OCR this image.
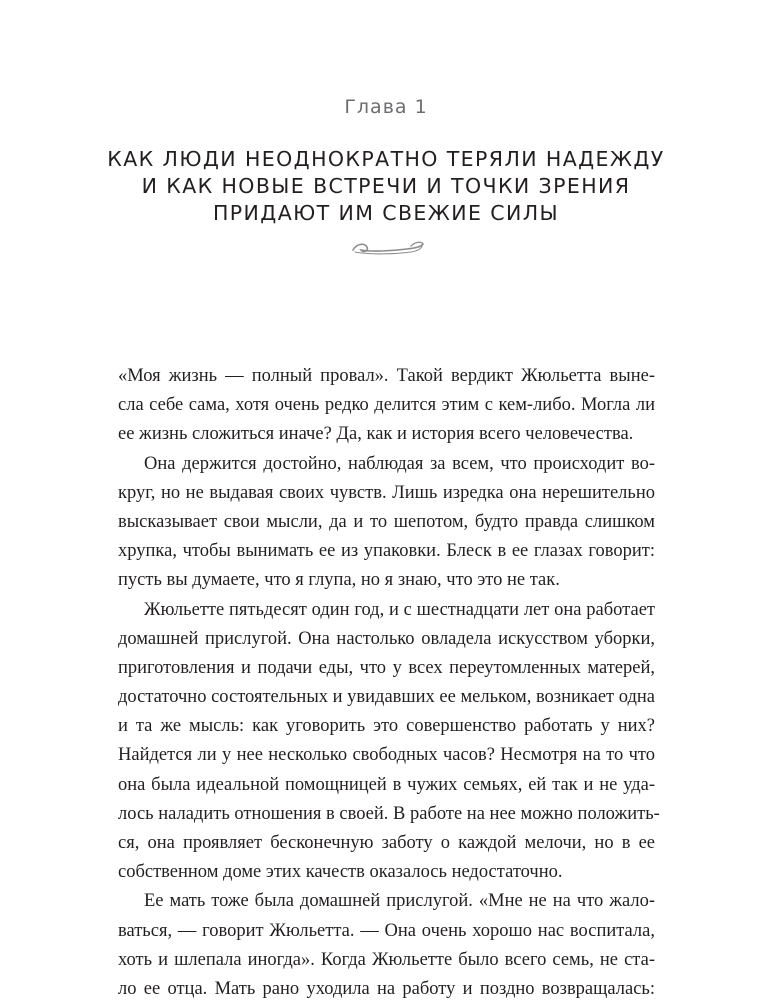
Глава 1
КАК ЛЮДИ НЕОДНОКРАТНО ТЕРЯЛИ НАДЕЖДУ
И КАК НОВЫЕ ВСТРЕЧИ И ТОЧКИ ЗРЕНИЯ
ПРИДАЮТ ИМ СВЕЖИЕ СИЛЫ
«Моя жизнь — полный провал». Такой вердикт Жюльетта выне-
сла себе сама, хотя очень редко делится этим с кем-либо. Могла ли
ее жизнь сложиться иначе? Да, как и история всего человечества.
Она держится достойно, наблюдая за всем, что происходит во-
круг, но не выдавая своих чувств. Лишь изредка она нерешительно
высказывает свои мысли, да и то шепотом, будто правда слишком
хрупка, чтобы вынимать ее из упаковки. Блеск в ее глазах говорит:
пусть вы думаете, что я глупа, но я знаю, что это не так.
Жюльетте пятьдесят один год, и с шестнадцати лет она работает
домашней прислугой. Она настолько овладела искусством уборки,
приготовления и подачи еды, что у всех переутомленных матерей,
достаточно состоятельных и увидавших ее мельком, возникает одна
и та же мысль: как уговорить это совершенство работать у них?
Найдется ли у нее несколько свободных часов? Несмотря на то что
она была идеальной помощницей в чужих семьях, ей так и не уда-
лось наладить отношения в своей. В работе на нее можно положить-
ся, она проявляет бесконечную заботу о каждой мелочи, но в ее
собственном доме этих качеств оказалось недостаточно.
Ее мать тоже была домашней прислугой. «Мне не на что жало-
ваться, — говорит Жюльетта. — Она очень хорошо нас воспитала,
хоть и шлепала иногда». Когда Жюльетте было всего семь, не ста-
ло ее отца. Мать рано уходила на работу и поздно возвращалась:
